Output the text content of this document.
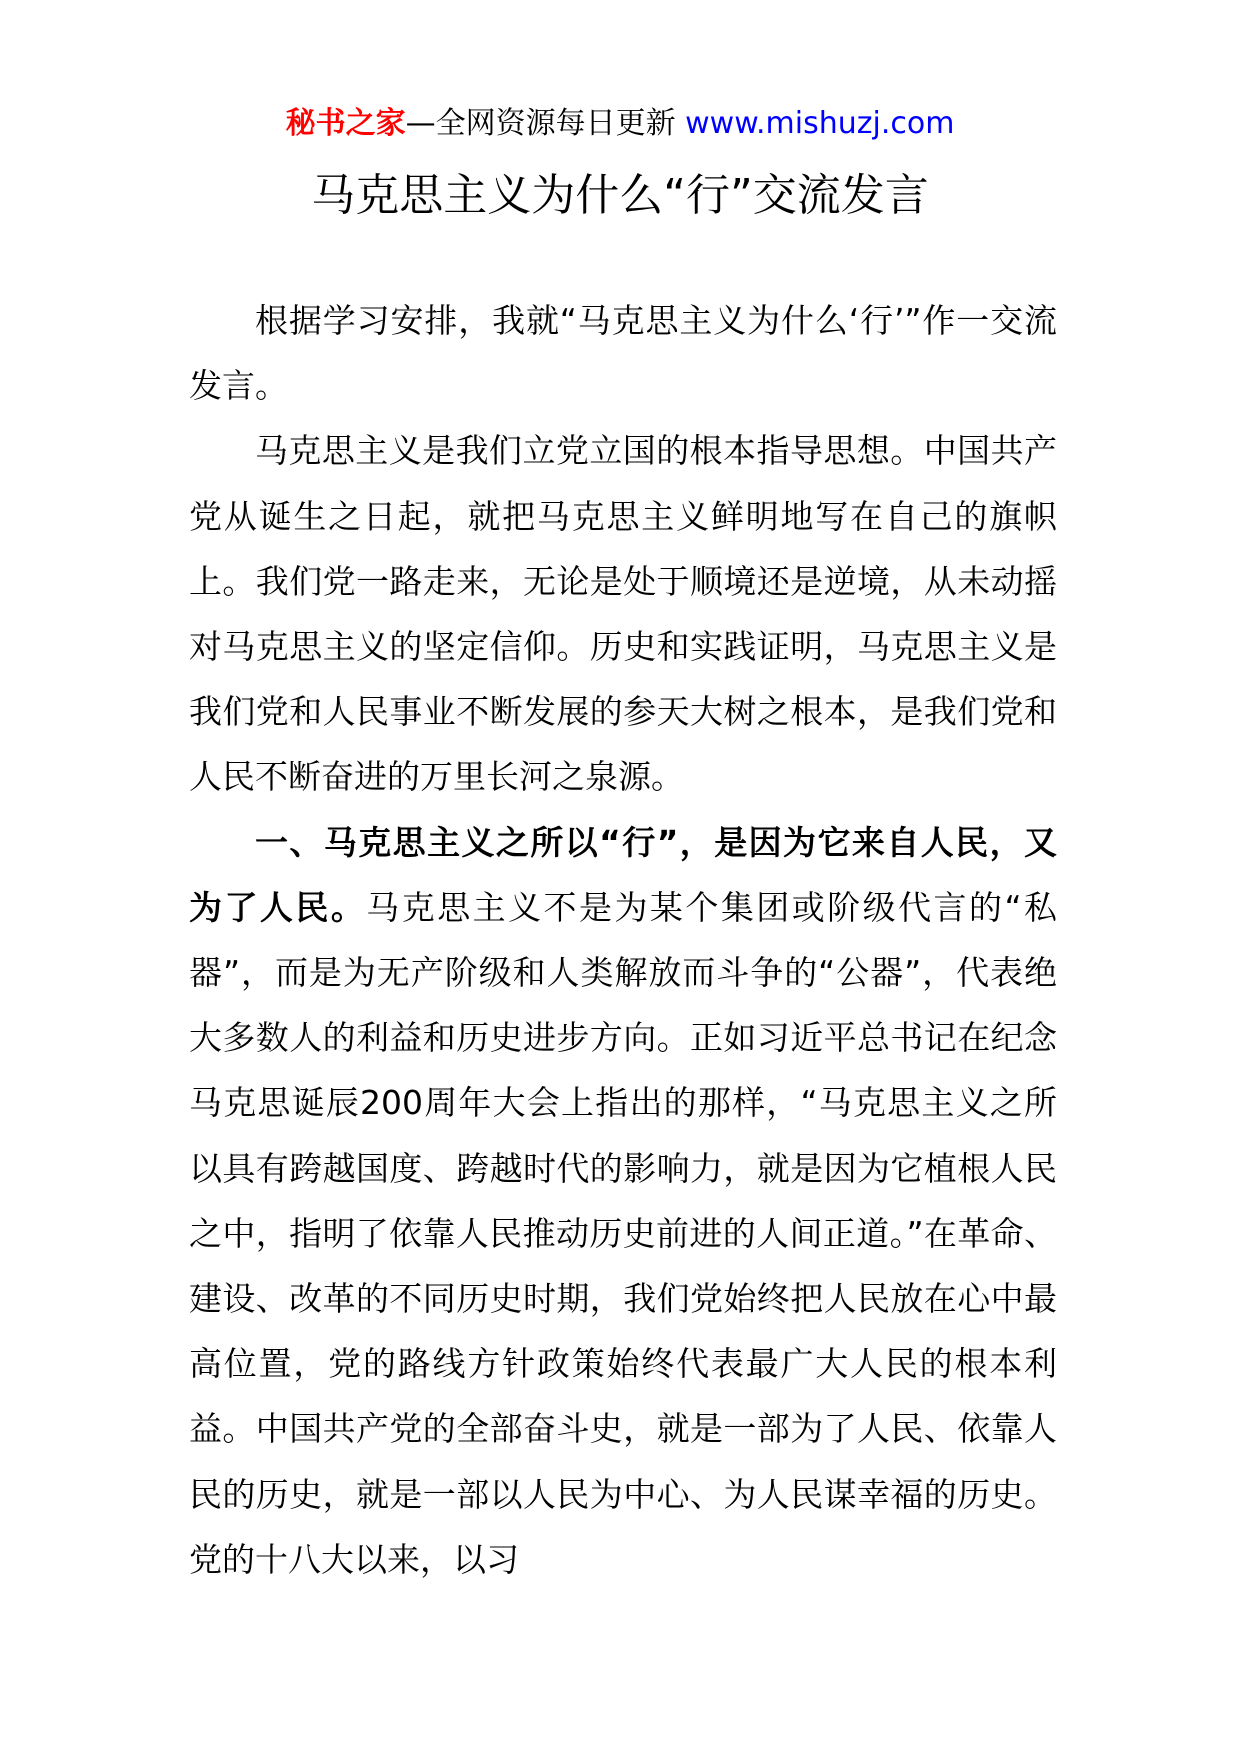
秘书之家—全网资源每日更新 www.mishuzj.com
马克思主义为什么“行”交流发言

根据学习安排，我就“马克思主义为什么‘行’”作一交流发言。

马克思主义是我们立党立国的根本指导思想。中国共产党从诞生之日起，就把马克思主义鲜明地写在自己的旗帜上。我们党一路走来，无论是处于顺境还是逆境，从未动摇对马克思主义的坚定信仰。历史和实践证明，马克思主义是我们党和人民事业不断发展的参天大树之根本，是我们党和人民不断奋进的万里长河之泉源。

一、马克思主义之所以“行”，是因为它来自人民，又为了人民。马克思主义不是为某个集团或阶级代言的“私器”，而是为无产阶级和人类解放而斗争的“公器”，代表绝大多数人的利益和历史进步方向。正如习近平总书记在纪念马克思诞辰200周年大会上指出的那样，“马克思主义之所以具有跨越国度、跨越时代的影响力，就是因为它植根人民之中，指明了依靠人民推动历史前进的人间正道。”在革命、建设、改革的不同历史时期，我们党始终把人民放在心中最高位置，党的路线方针政策始终代表最广大人民的根本利益。中国共产党的全部奋斗史，就是一部为了人民、依靠人民的历史，就是一部以人民为中心、为人民谋幸福的历史。党的十八大以来，以习
